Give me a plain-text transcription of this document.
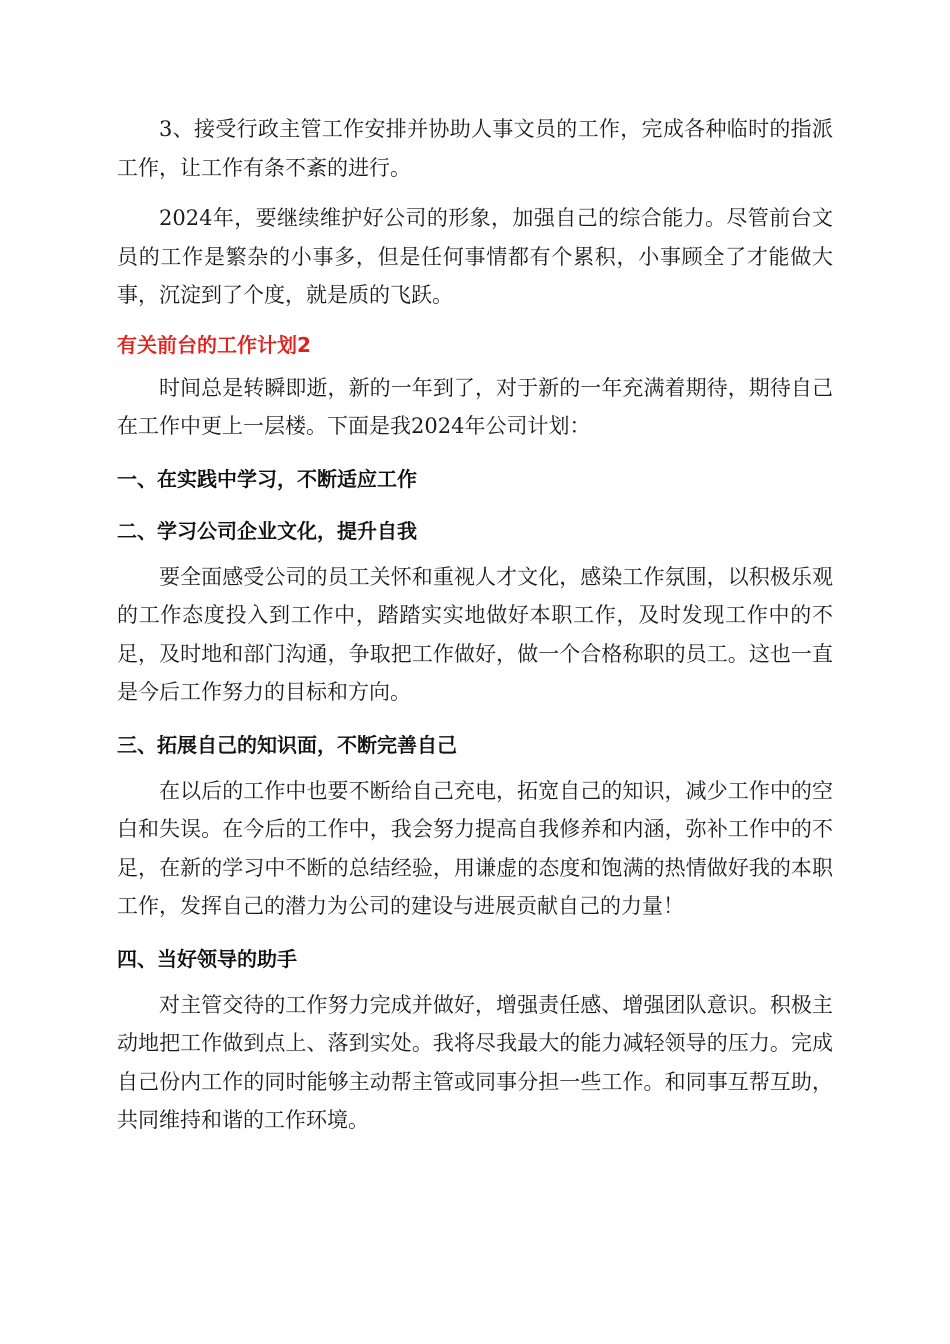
3、接受行政主管工作安排并协助人事文员的工作，完成各种临时的指派工作，让工作有条不紊的进行。

2024年，要继续维护好公司的形象，加强自己的综合能力。尽管前台文员的工作是繁杂的小事多，但是任何事情都有个累积，小事顾全了才能做大事，沉淀到了个度，就是质的飞跃。

有关前台的工作计划2

时间总是转瞬即逝，新的一年到了，对于新的一年充满着期待，期待自己在工作中更上一层楼。下面是我2024年公司计划：

一、在实践中学习，不断适应工作
二、学习公司企业文化，提升自我

要全面感受公司的员工关怀和重视人才文化，感染工作氛围，以积极乐观的工作态度投入到工作中，踏踏实实地做好本职工作，及时发现工作中的不足，及时地和部门沟通，争取把工作做好，做一个合格称职的员工。这也一直是今后工作努力的目标和方向。

三、拓展自己的知识面，不断完善自己

在以后的工作中也要不断给自己充电，拓宽自己的知识，减少工作中的空白和失误。在今后的工作中，我会努力提高自我修养和内涵，弥补工作中的不足，在新的学习中不断的总结经验，用谦虚的态度和饱满的热情做好我的本职工作，发挥自己的潜力为公司的建设与进展贡献自己的力量！

四、当好领导的助手

对主管交待的工作努力完成并做好，增强责任感、增强团队意识。积极主动地把工作做到点上、落到实处。我将尽我最大的能力减轻领导的压力。完成自己份内工作的同时能够主动帮主管或同事分担一些工作。和同事互帮互助，共同维持和谐的工作环境。
